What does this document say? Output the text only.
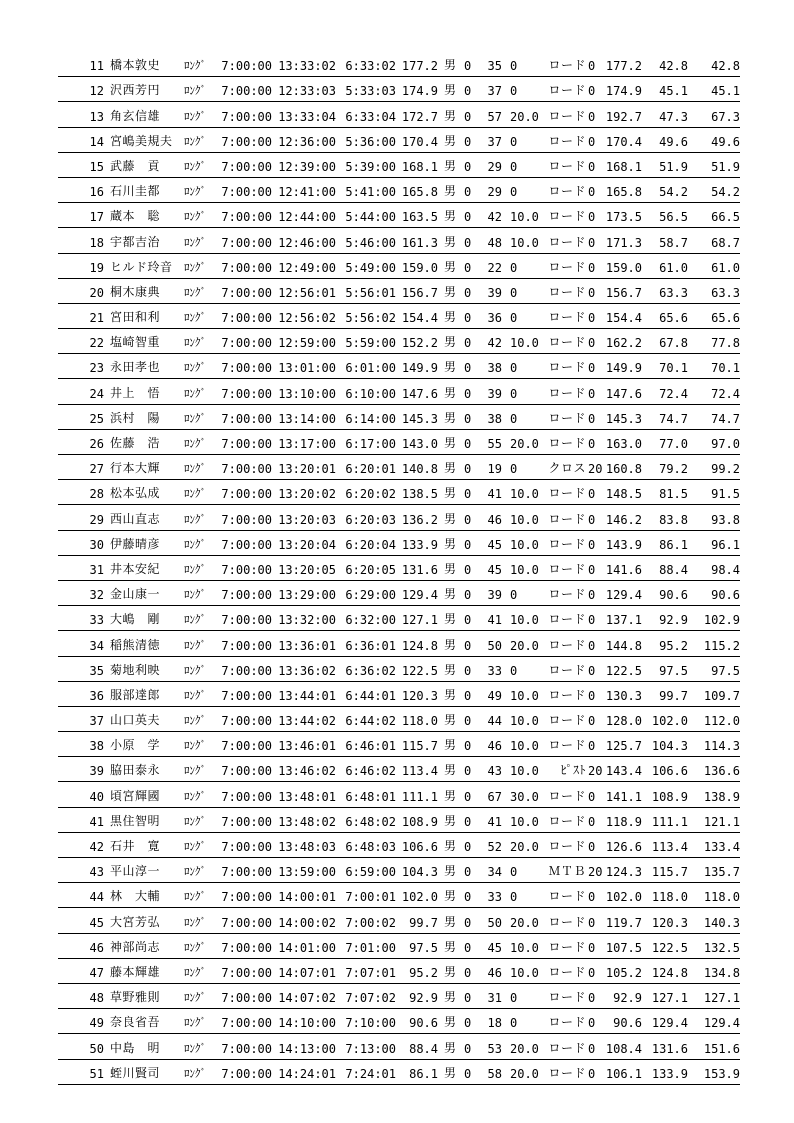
11 橋本敦史	ﾛﾝｸﾞ	7:00:00 13:33:02 6:33:02 177.2 男 0	35 0	ロード 0 177.2	42.8	42.8
12 沢西芳円	ﾛﾝｸﾞ	7:00:00 12:33:03 5:33:03 174.9 男 0	37 0	ロード 0 174.9	45.1	45.1
13 角玄信雄	ﾛﾝｸﾞ	7:00:00 13:33:04 6:33:04 172.7 男 0	57 20.0 ロード 0 192.7	47.3	67.3
14 宮嶋美規夫	ﾛﾝｸﾞ	7:00:00 12:36:00 5:36:00 170.4 男 0	37 0	ロード 0 170.4	49.6	49.6
15 武藤　貢	ﾛﾝｸﾞ	7:00:00 12:39:00 5:39:00 168.1 男 0	29 0	ロード 0 168.1	51.9	51.9
16 石川圭都	ﾛﾝｸﾞ	7:00:00 12:41:00 5:41:00 165.8 男 0	29 0	ロード 0 165.8	54.2	54.2
17 蔵本　聡	ﾛﾝｸﾞ	7:00:00 12:44:00 5:44:00 163.5 男 0	42 10.0 ロード 0 173.5	56.5	66.5
18 宇都吉治	ﾛﾝｸﾞ	7:00:00 12:46:00 5:46:00 161.3 男 0	48 10.0 ロード 0 171.3	58.7	68.7
19 ヒルド玲音	ﾛﾝｸﾞ	7:00:00 12:49:00 5:49:00 159.0 男 0	22 0	ロード 0 159.0	61.0	61.0
20 桐木康典	ﾛﾝｸﾞ	7:00:00 12:56:01 5:56:01 156.7 男 0	39 0	ロード 0 156.7	63.3	63.3
21 宮田和利	ﾛﾝｸﾞ	7:00:00 12:56:02 5:56:02 154.4 男 0	36 0	ロード 0 154.4	65.6	65.6
22 塩崎智重	ﾛﾝｸﾞ	7:00:00 12:59:00 5:59:00 152.2 男 0	42 10.0 ロード 0 162.2	67.8	77.8
23 永田孝也	ﾛﾝｸﾞ	7:00:00 13:01:00 6:01:00 149.9 男 0	38 0	ロード 0 149.9	70.1	70.1
24 井上　悟	ﾛﾝｸﾞ	7:00:00 13:10:00 6:10:00 147.6 男 0	39 0	ロード 0 147.6	72.4	72.4
25 浜村　陽	ﾛﾝｸﾞ	7:00:00 13:14:00 6:14:00 145.3 男 0	38 0	ロード 0 145.3	74.7	74.7
26 佐藤　浩	ﾛﾝｸﾞ	7:00:00 13:17:00 6:17:00 143.0 男 0	55 20.0 ロード 0 163.0	77.0	97.0
27 行本大輝	ﾛﾝｸﾞ	7:00:00 13:20:01 6:20:01 140.8 男 0	19 0	クロス 20 160.8	79.2	99.2
28 松本弘成	ﾛﾝｸﾞ	7:00:00 13:20:02 6:20:02 138.5 男 0	41 10.0 ロード 0 148.5	81.5	91.5
29 西山直志	ﾛﾝｸﾞ	7:00:00 13:20:03 6:20:03 136.2 男 0	46 10.0 ロード 0 146.2	83.8	93.8
30 伊藤晴彦	ﾛﾝｸﾞ	7:00:00 13:20:04 6:20:04 133.9 男 0	45 10.0 ロード 0 143.9	86.1	96.1
31 井本安紀	ﾛﾝｸﾞ	7:00:00 13:20:05 6:20:05 131.6 男 0	45 10.0 ロード 0 141.6	88.4	98.4
32 金山康一	ﾛﾝｸﾞ	7:00:00 13:29:00 6:29:00 129.4 男 0	39 0	ロード 0 129.4	90.6	90.6
33 大嶋　剛	ﾛﾝｸﾞ	7:00:00 13:32:00 6:32:00 127.1 男 0	41 10.0 ロード 0 137.1	92.9	102.9
34 稲熊清徳	ﾛﾝｸﾞ	7:00:00 13:36:01 6:36:01 124.8 男 0	50 20.0 ロード 0 144.8	95.2	115.2
35 菊地利映	ﾛﾝｸﾞ	7:00:00 13:36:02 6:36:02 122.5 男 0	33 0	ロード 0 122.5	97.5	97.5
36 服部達郎	ﾛﾝｸﾞ	7:00:00 13:44:01 6:44:01 120.3 男 0	49 10.0 ロード 0 130.3	99.7	109.7
37 山口英夫	ﾛﾝｸﾞ	7:00:00 13:44:02 6:44:02 118.0 男 0	44 10.0 ロード 0 128.0 102.0	112.0
38 小原　学	ﾛﾝｸﾞ	7:00:00 13:46:01 6:46:01 115.7 男 0	46 10.0 ロード 0 125.7 104.3	114.3
39 脇田泰永	ﾛﾝｸﾞ	7:00:00 13:46:02 6:46:02 113.4 男 0	43 10.0	ﾋﾟｽﾄ 20 143.4 106.6	136.6
40 頃宮輝國	ﾛﾝｸﾞ	7:00:00 13:48:01 6:48:01 111.1 男 0	67 30.0 ロード 0 141.1 108.9	138.9
41 黒住智明	ﾛﾝｸﾞ	7:00:00 13:48:02 6:48:02 108.9 男 0	41 10.0 ロード 0 118.9 111.1	121.1
42 石井　寛	ﾛﾝｸﾞ	7:00:00 13:48:03 6:48:03 106.6 男 0	52 20.0 ロード 0 126.6 113.4	133.4
43 平山淳一	ﾛﾝｸﾞ	7:00:00 13:59:00 6:59:00 104.3 男 0	34 0	ＭＴＢ 20 124.3 115.7	135.7
44 林　大輔	ﾛﾝｸﾞ	7:00:00 14:00:01 7:00:01 102.0 男 0	33 0	ロード 0 102.0 118.0	118.0
45 大宮芳弘	ﾛﾝｸﾞ	7:00:00 14:00:02 7:00:02	99.7 男 0	50 20.0 ロード 0 119.7 120.3	140.3
46 神部尚志	ﾛﾝｸﾞ	7:00:00 14:01:00 7:01:00	97.5 男 0	45 10.0 ロード 0 107.5 122.5	132.5
47 藤本輝雄	ﾛﾝｸﾞ	7:00:00 14:07:01 7:07:01	95.2 男 0	46 10.0 ロード 0 105.2 124.8	134.8
48 草野雅則	ﾛﾝｸﾞ	7:00:00 14:07:02 7:07:02	92.9 男 0	31 0	ロード 0	92.9 127.1	127.1
49 奈良省吾	ﾛﾝｸﾞ	7:00:00 14:10:00 7:10:00	90.6 男 0	18 0	ロード 0	90.6 129.4	129.4
50 中島　明	ﾛﾝｸﾞ	7:00:00 14:13:00 7:13:00	88.4 男 0	53 20.0 ロード 0 108.4 131.6	151.6
51 蛭川賢司	ﾛﾝｸﾞ	7:00:00 14:24:01 7:24:01	86.1 男 0	58 20.0 ロード 0 106.1 133.9	153.9
